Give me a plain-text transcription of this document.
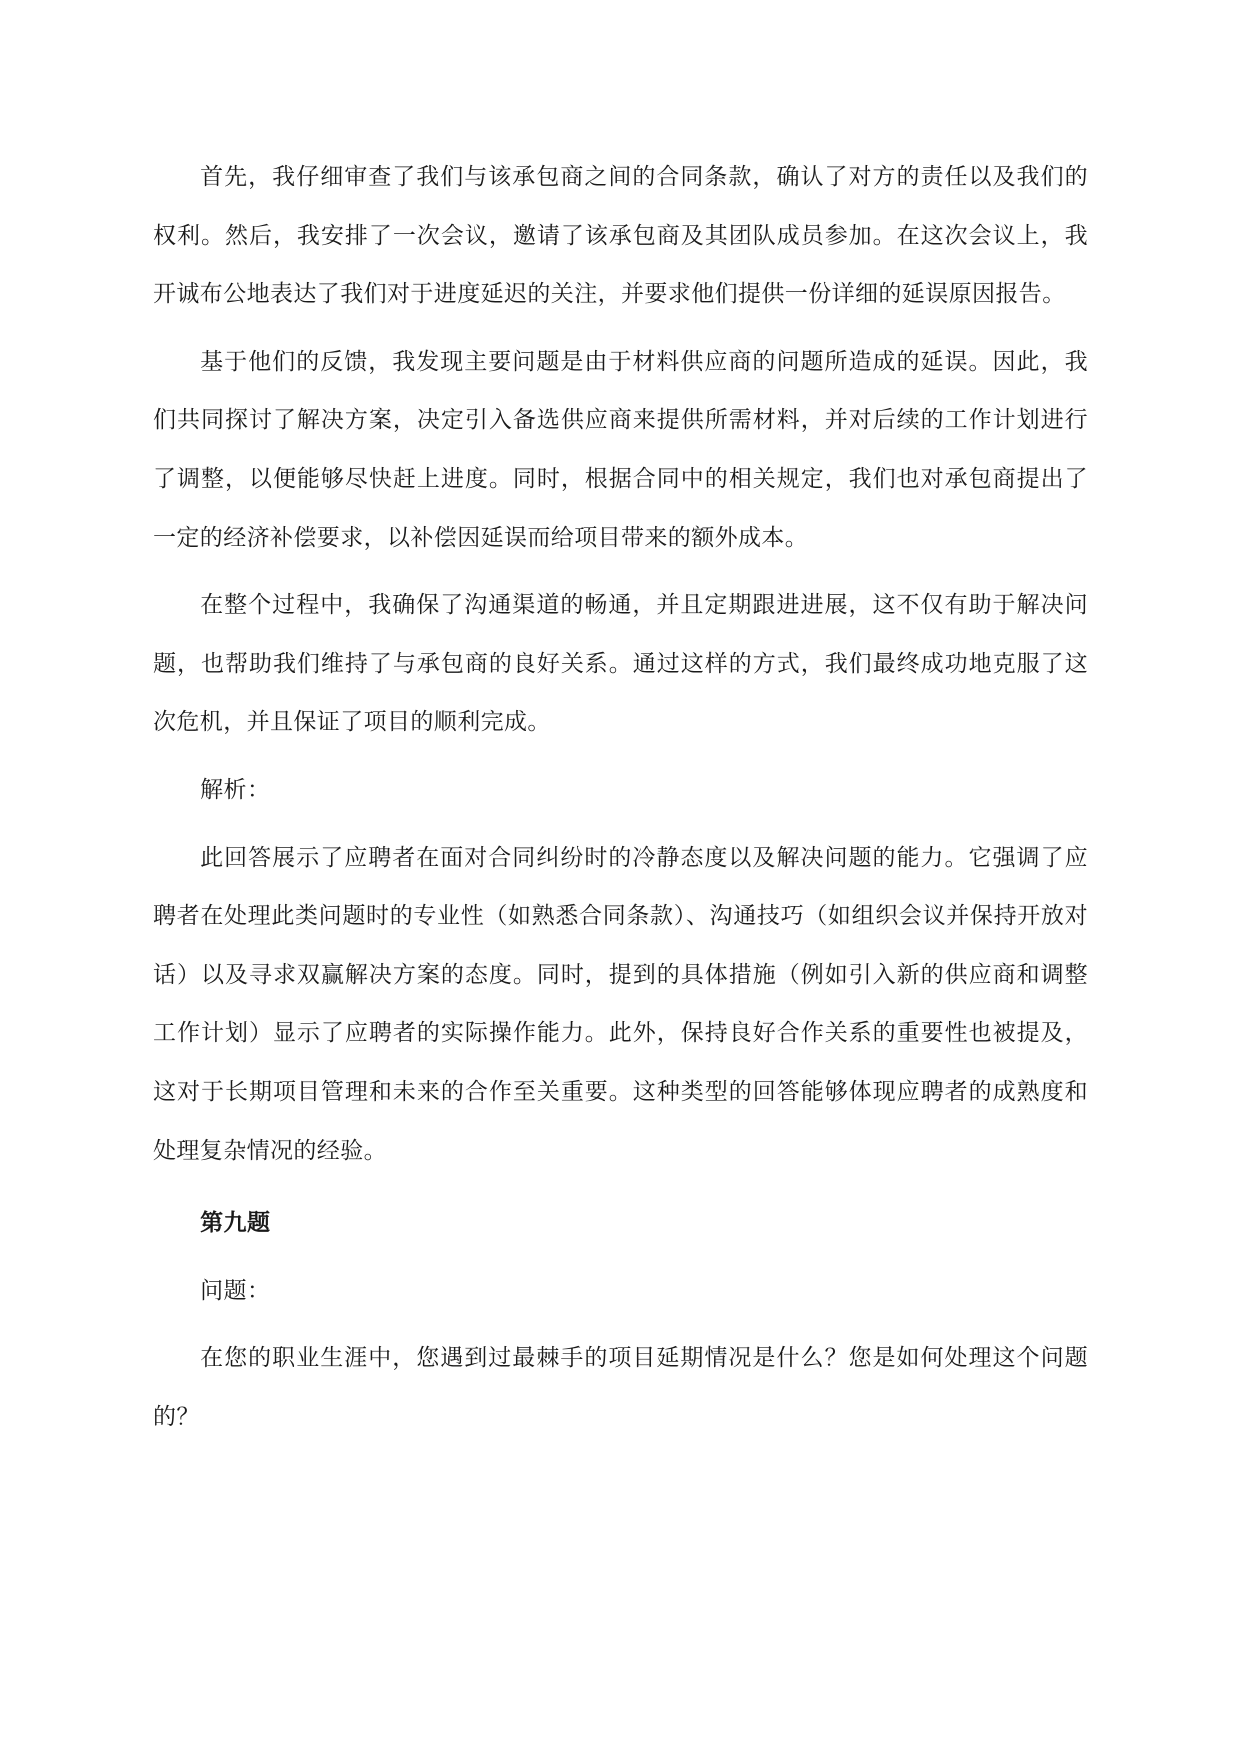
首先，我仔细审查了我们与该承包商之间的合同条款，确认了对方的责任以及我们的权利。然后，我安排了一次会议，邀请了该承包商及其团队成员参加。在这次会议上，我开诚布公地表达了我们对于进度延迟的关注，并要求他们提供一份详细的延误原因报告。

基于他们的反馈，我发现主要问题是由于材料供应商的问题所造成的延误。因此，我们共同探讨了解决方案，决定引入备选供应商来提供所需材料，并对后续的工作计划进行了调整，以便能够尽快赶上进度。同时，根据合同中的相关规定，我们也对承包商提出了一定的经济补偿要求，以补偿因延误而给项目带来的额外成本。

在整个过程中，我确保了沟通渠道的畅通，并且定期跟进进展，这不仅有助于解决问题，也帮助我们维持了与承包商的良好关系。通过这样的方式，我们最终成功地克服了这次危机，并且保证了项目的顺利完成。

解析：

此回答展示了应聘者在面对合同纠纷时的冷静态度以及解决问题的能力。它强调了应聘者在处理此类问题时的专业性（如熟悉合同条款）、沟通技巧（如组织会议并保持开放对话）以及寻求双赢解决方案的态度。同时，提到的具体措施（例如引入新的供应商和调整工作计划）显示了应聘者的实际操作能力。此外，保持良好合作关系的重要性也被提及，这对于长期项目管理和未来的合作至关重要。这种类型的回答能够体现应聘者的成熟度和处理复杂情况的经验。

第九题

问题：

在您的职业生涯中，您遇到过最棘手的项目延期情况是什么？您是如何处理这个问题的？
